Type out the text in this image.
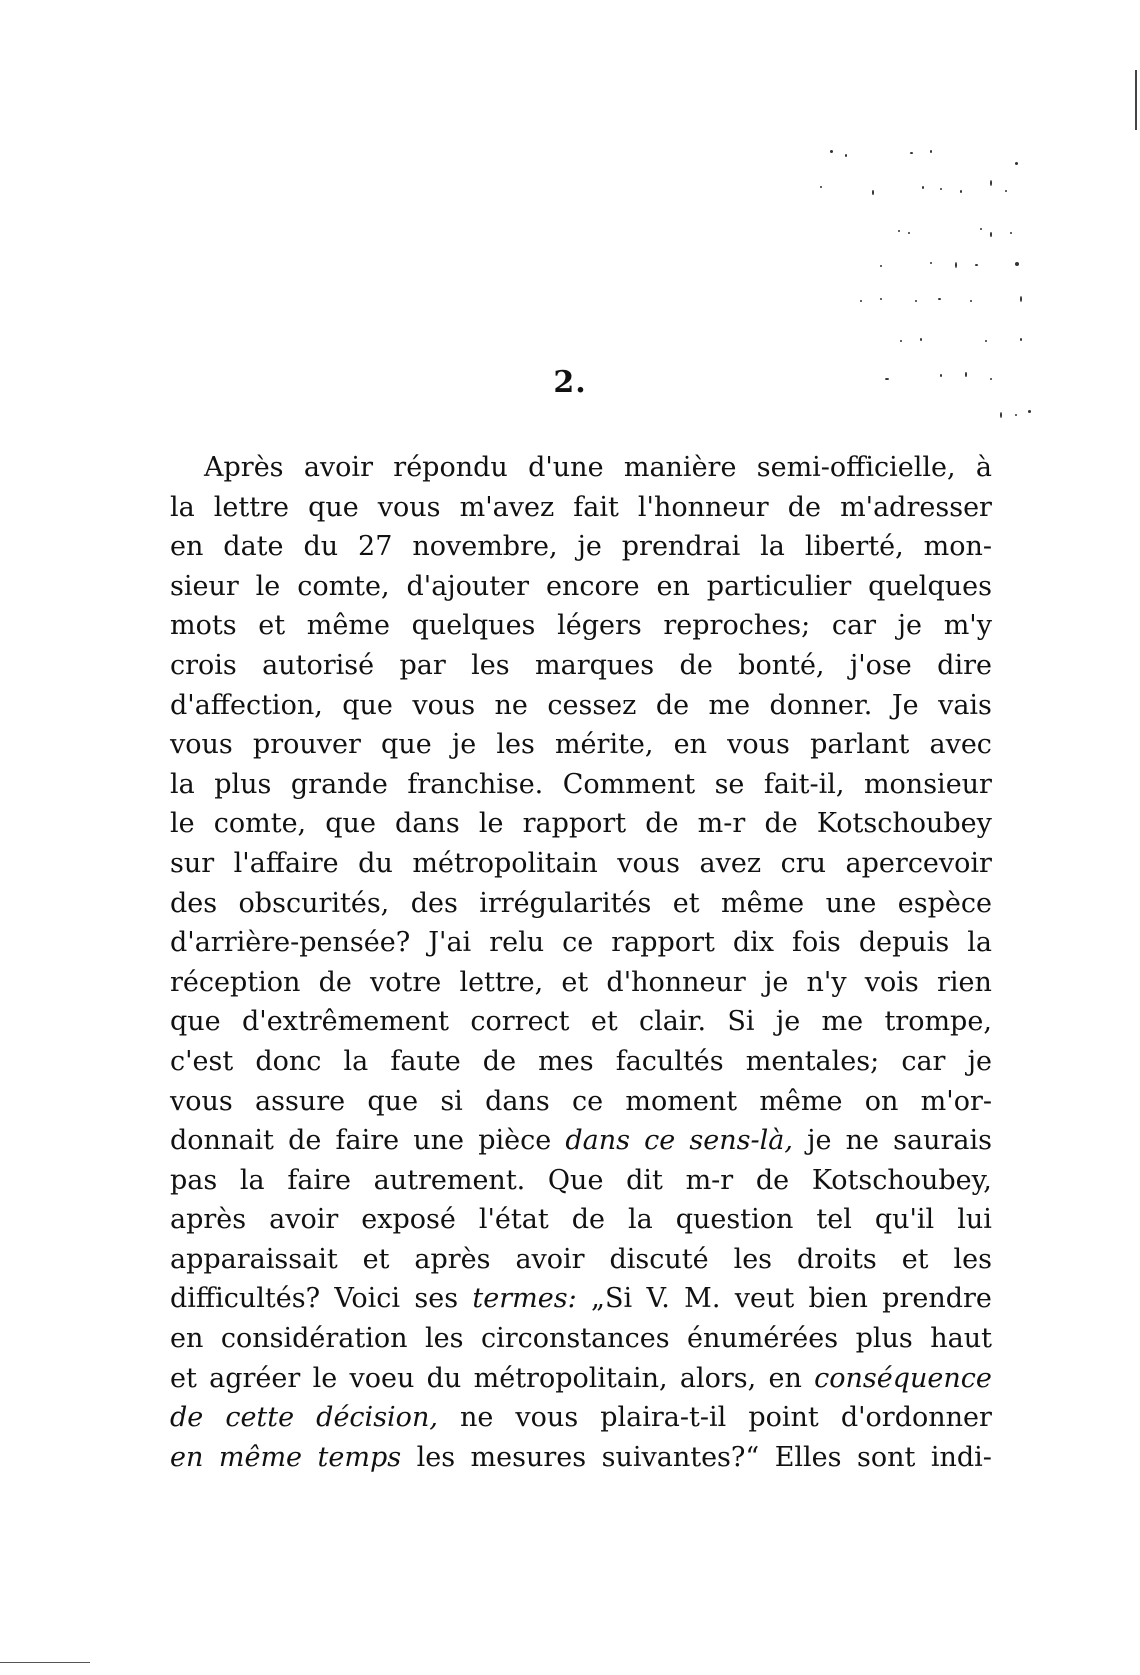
2.
Après avoir répondu d'une manière semi-officielle, à
la lettre que vous m'avez fait l'honneur de m'adresser
en date du 27 novembre, je prendrai la liberté, mon-
sieur le comte, d'ajouter encore en particulier quelques
mots et même quelques légers reproches; car je m'y
crois autorisé par les marques de bonté, j'ose dire
d'affection, que vous ne cessez de me donner. Je vais
vous prouver que je les mérite, en vous parlant avec
la plus grande franchise. Comment se fait-il, monsieur
le comte, que dans le rapport de m-r de Kotschoubey
sur l'affaire du métropolitain vous avez cru apercevoir
des obscurités, des irrégularités et même une espèce
d'arrière-pensée? J'ai relu ce rapport dix fois depuis la
réception de votre lettre, et d'honneur je n'y vois rien
que d'extrêmement correct et clair. Si je me trompe,
c'est donc la faute de mes facultés mentales; car je
vous assure que si dans ce moment même on m'or-
donnait de faire une pièce dans ce sens-là, je ne saurais
pas la faire autrement. Que dit m-r de Kotschoubey,
après avoir exposé l'état de la question tel qu'il lui
apparaissait et après avoir discuté les droits et les
difficultés? Voici ses termes: „Si V. M. veut bien prendre
en considération les circonstances énumérées plus haut
et agréer le voeu du métropolitain, alors, en conséquence
de cette décision, ne vous plaira-t-il point d'ordonner
en même temps les mesures suivantes?“ Elles sont indi-
